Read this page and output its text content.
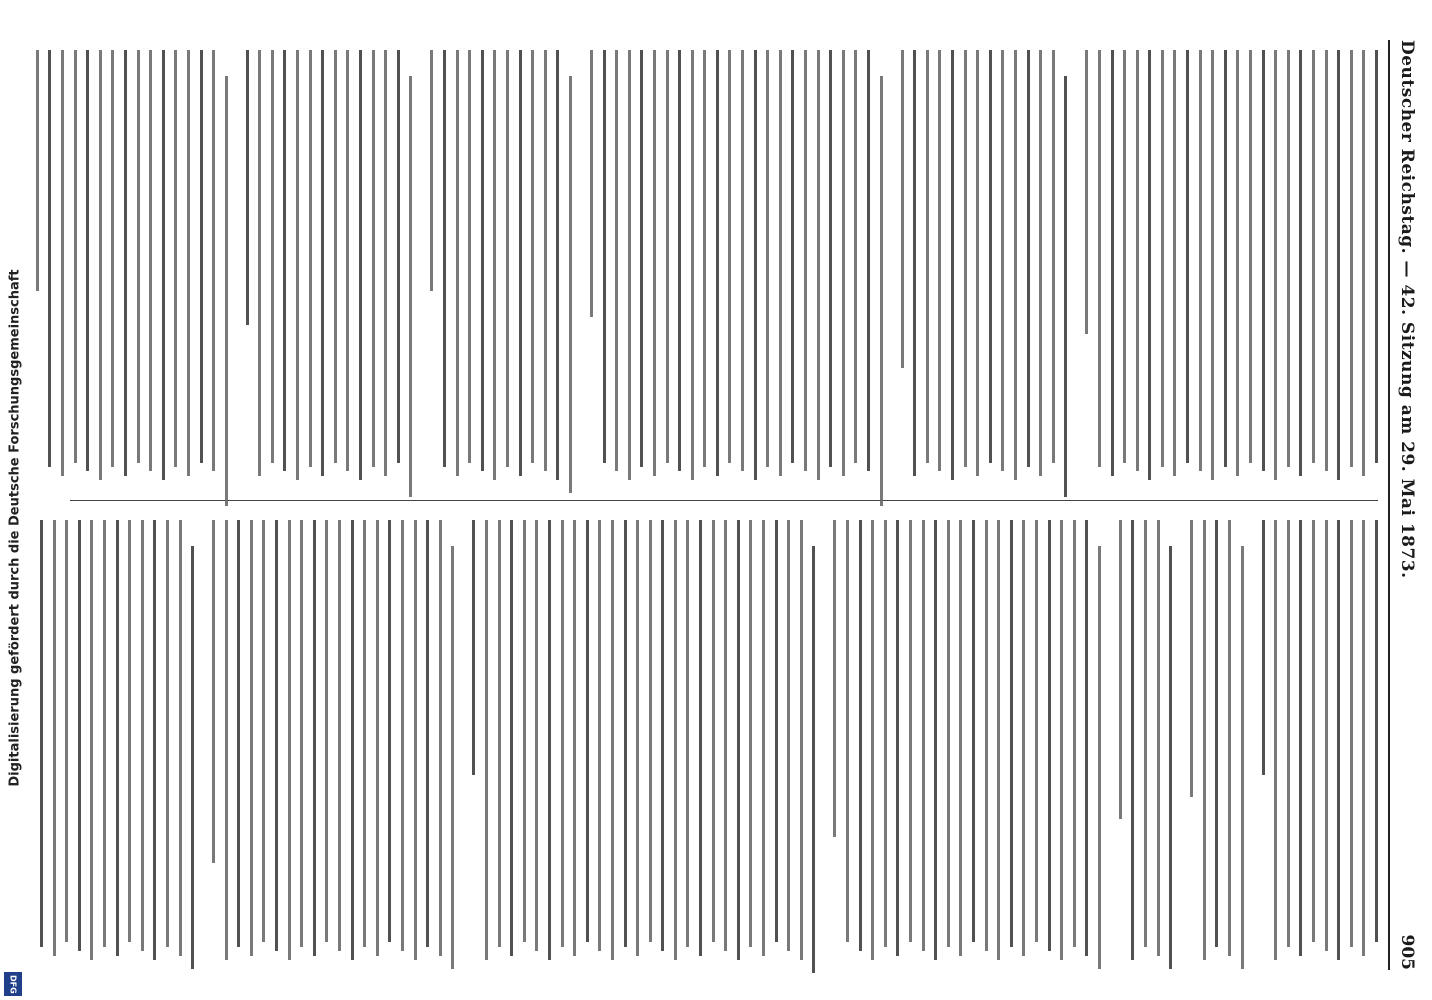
Digitalisierung gefördert durch die Deutsche Forschungsgemeinschaft
DFG
Deutscher Reichstag. — 42. Sitzung am 29. Mai 1873.
905
